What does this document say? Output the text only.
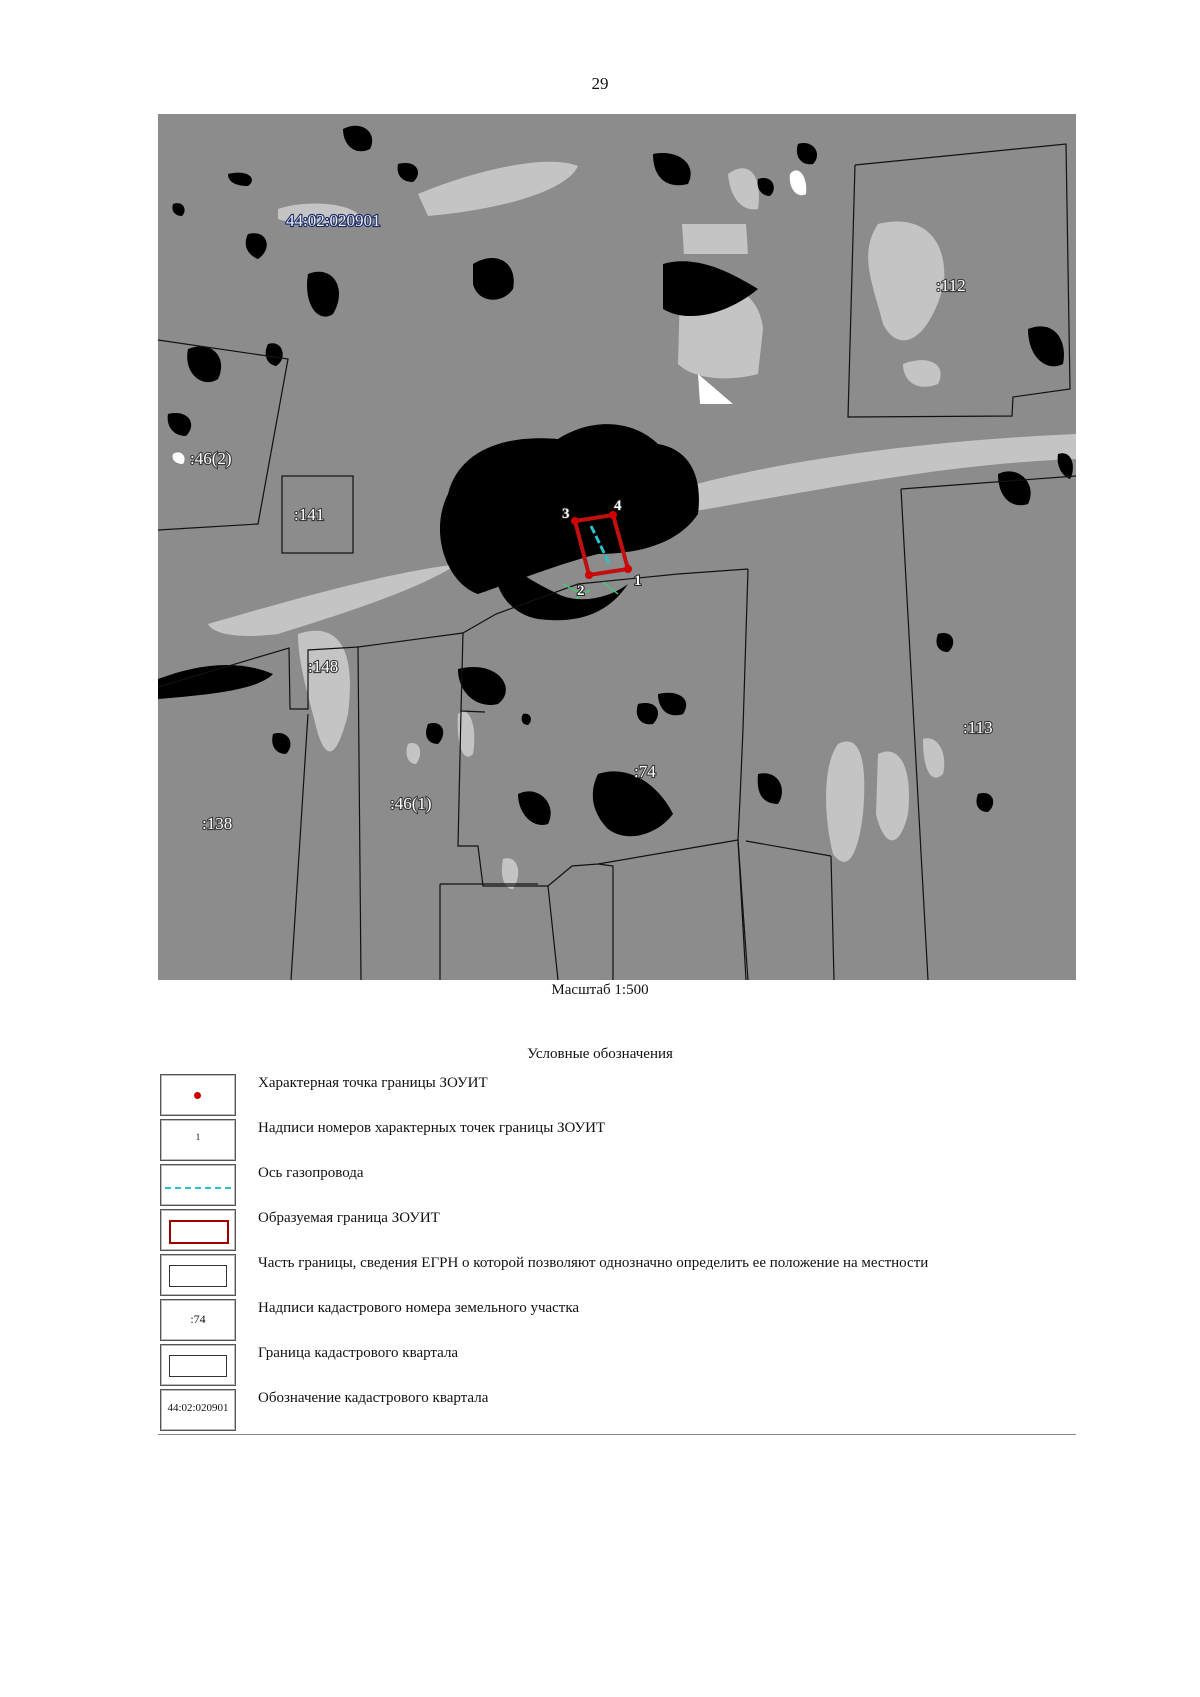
29
1
2
3	4
44:02:020901
:112
:46(2)
:141
:148
:113
:74
:46(1)
:138
Масштаб 1:500
Условные обозначения
Характерная точка границы ЗОУИТ
1
Надписи номеров характерных точек границы ЗОУИТ
Ось газопровода
Образуемая граница ЗОУИТ
Часть границы, сведения ЕГРН о которой позволяют однозначно определить ее положение на местности
:74
Надписи кадастрового номера земельного участка
Граница кадастрового квартала
44:02:020901
Обозначение кадастрового квартала
